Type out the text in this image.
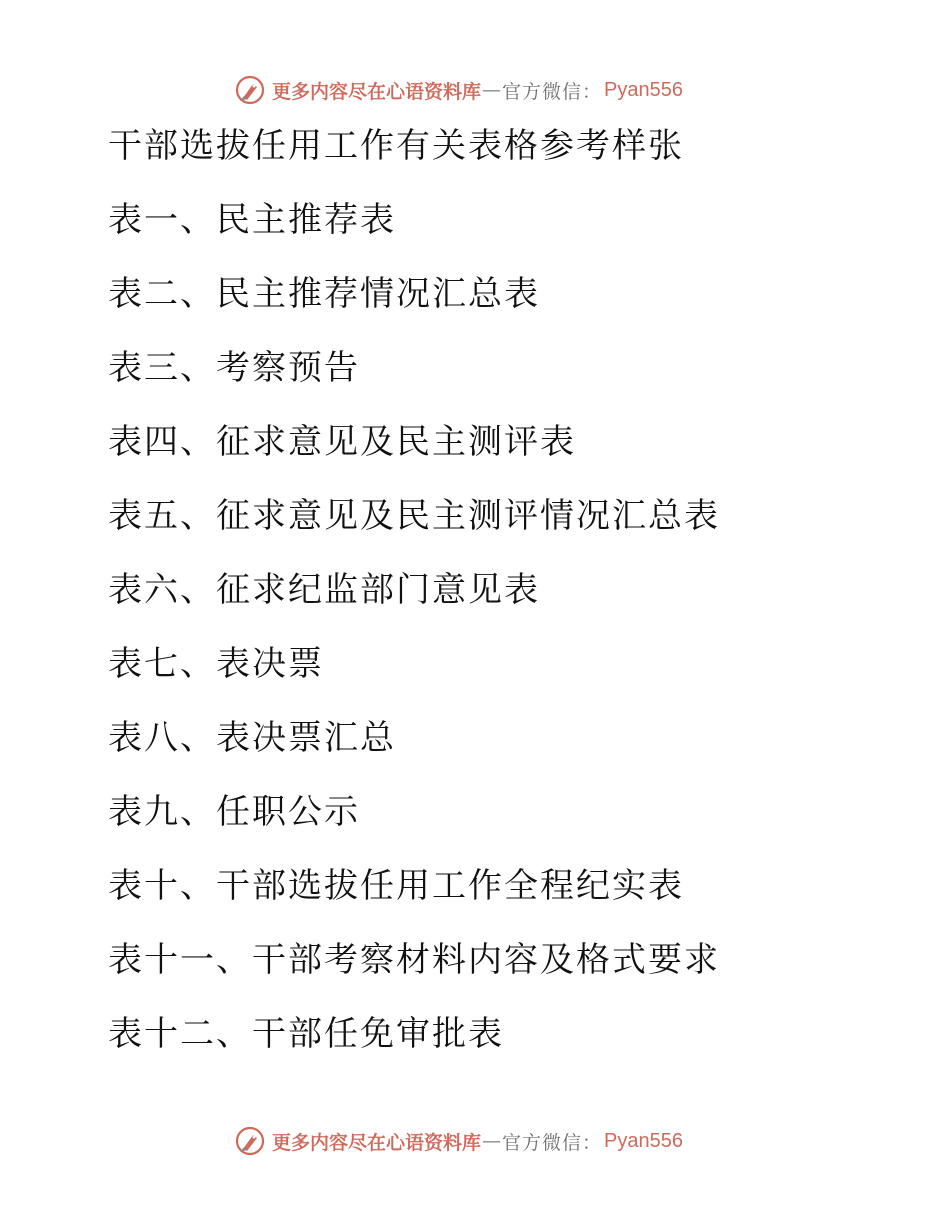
更多内容尽在心语资料库 — 官方微信： Pyan556
干部选拔任用工作有关表格参考样张
表一、民主推荐表
表二、民主推荐情况汇总表
表三、考察预告
表四、征求意见及民主测评表
表五、征求意见及民主测评情况汇总表
表六、征求纪监部门意见表
表七、表决票
表八、表决票汇总
表九、任职公示
表十、干部选拔任用工作全程纪实表
表十一、干部考察材料内容及格式要求
表十二、干部任免审批表
更多内容尽在心语资料库 — 官方微信： Pyan556
